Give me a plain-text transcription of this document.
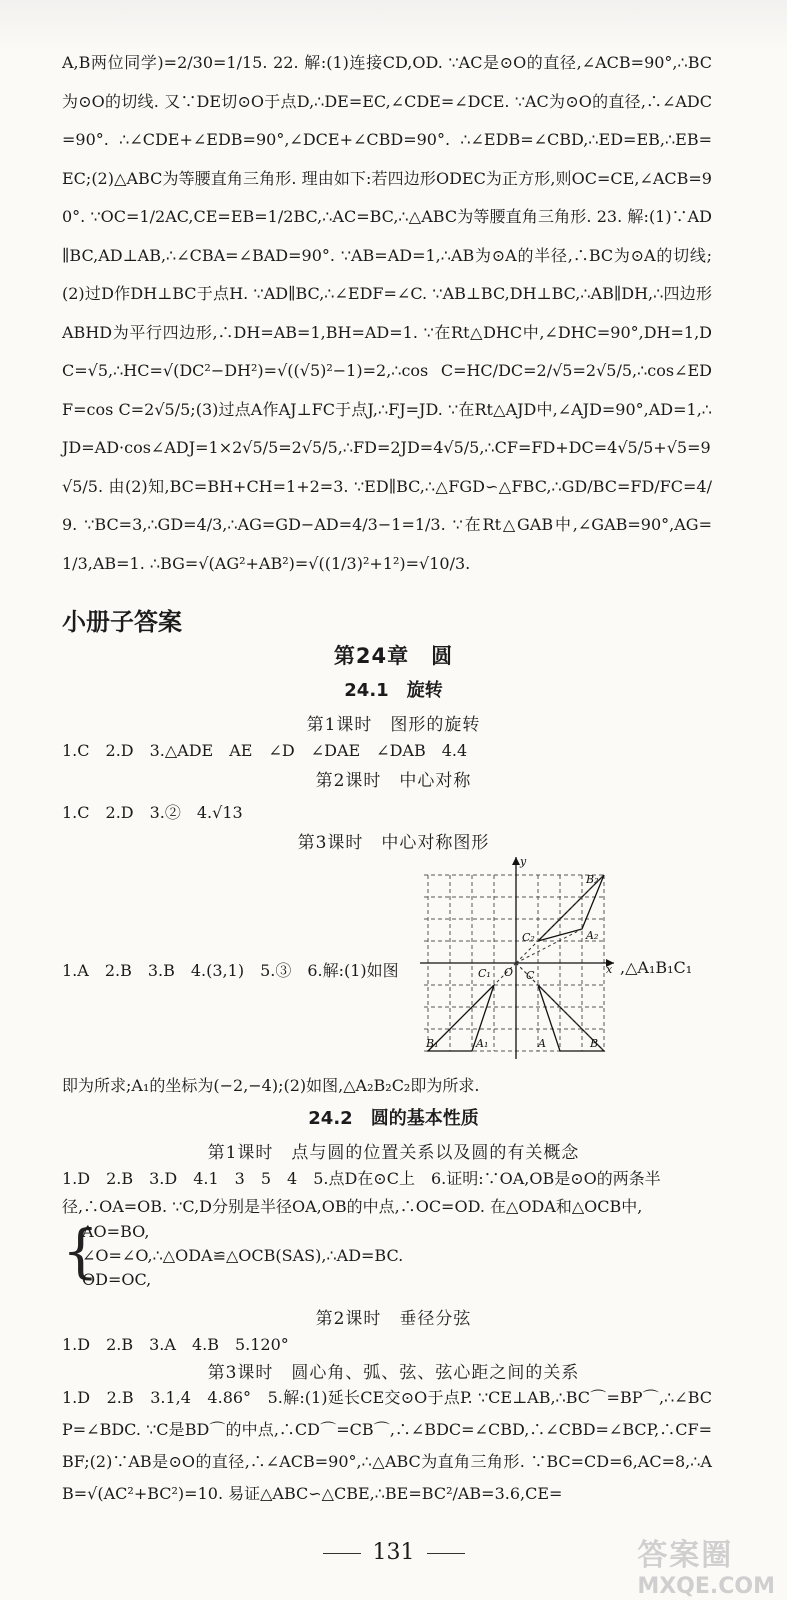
A,B两位同学)=2/30=1/15. 22. 解:(1)连接CD,OD. ∵AC是⊙O的直径,∠ACB=90°,∴BC为⊙O的切线. 又∵DE切⊙O于点D,∴DE=EC,∠CDE=∠DCE. ∵AC为⊙O的直径,∴∠ADC=90°. ∴∠CDE+∠EDB=90°,∠DCE+∠CBD=90°. ∴∠EDB=∠CBD,∴ED=EB,∴EB=EC;(2)△ABC为等腰直角三角形. 理由如下:若四边形ODEC为正方形,则OC=CE,∠ACB=90°. ∵OC=1/2AC,CE=EB=1/2BC,∴AC=BC,∴△ABC为等腰直角三角形. 23. 解:(1)∵AD∥BC,AD⊥AB,∴∠CBA=∠BAD=90°. ∵AB=AD=1,∴AB为⊙A的半径,∴BC为⊙A的切线;(2)过D作DH⊥BC于点H. ∵AD∥BC,∴∠EDF=∠C. ∵AB⊥BC,DH⊥BC,∴AB∥DH,∴四边形ABHD为平行四边形,∴DH=AB=1,BH=AD=1. ∵在Rt△DHC中,∠DHC=90°,DH=1,DC=√5,∴HC=√(DC²−DH²)=√((√5)²−1)=2,∴cos C=HC/DC=2/√5=2√5/5,∴cos∠EDF=cos C=2√5/5;(3)过点A作AJ⊥FC于点J,∴FJ=JD. ∵在Rt△AJD中,∠AJD=90°,AD=1,∴JD=AD·cos∠ADJ=1×2√5/5=2√5/5,∴FD=2JD=4√5/5,∴CF=FD+DC=4√5/5+√5=9√5/5. 由(2)知,BC=BH+CH=1+2=3. ∵ED∥BC,∴△FGD∽△FBC,∴GD/BC=FD/FC=4/9. ∵BC=3,∴GD=4/3,∴AG=GD−AD=4/3−1=1/3. ∵在Rt△GAB中,∠GAB=90°,AG=1/3,AB=1. ∴BG=√(AG²+AB²)=√((1/3)²+1²)=√10/3.
小册子答案
第24章　圆
24.1　旋转
第1课时　图形的旋转
1.C　2.D　3.△ADE　AE　∠D　∠DAE　∠DAB　4.4
第2课时　中心对称
1.C　2.D　3.②　4.√13
第3课时　中心对称图形
1.A　2.B　3.B　4.(3,1)　5.③　6.解:(1)如图	x
y
O
B₂
C₂	A₂
C₁	C
B₁	A₁	A	B
,△A₁B₁C₁
即为所求;A₁的坐标为(−2,−4);(2)如图,△A₂B₂C₂即为所求.
24.2　圆的基本性质
第1课时　点与圆的位置关系以及圆的有关概念
1.D　2.B　3.D　4.1　3　5　4　5.点D在⊙C上　6.证明:∵OA,OB是⊙O的两条半
径,∴OA=OB. ∵C,D分别是半径OA,OB的中点,∴OC=OD. 在△ODA和△OCB中,
{
AO=BO,
∠O=∠O,∴△ODA≌△OCB(SAS),∴AD=BC.
OD=OC,
第2课时　垂径分弦
1.D　2.B　3.A　4.B　5.120°
第3课时　圆心角、弧、弦、弦心距之间的关系
1.D　2.B　3.1,4　4.86°　5.解:(1)延长CE交⊙O于点P. ∵CE⊥AB,∴BC⌒=BP⌒,∴∠BCP=∠BDC. ∵C是BD⌒的中点,∴CD⌒=CB⌒,∴∠BDC=∠CBD,∴∠CBD=∠BCP,∴CF=BF;(2)∵AB是⊙O的直径,∴∠ACB=90°,∴△ABC为直角三角形. ∵BC=CD=6,AC=8,∴AB=√(AC²+BC²)=10. 易证△ABC∽△CBE,∴BE=BC²/AB=3.6,CE=
131	答案圈
MXQE.COM
